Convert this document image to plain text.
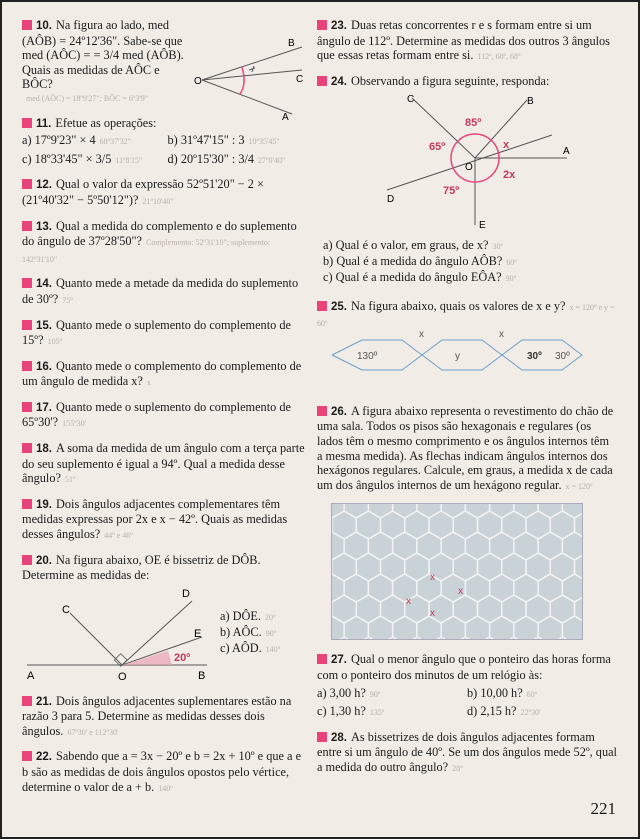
10. Na figura ao lado, med (AÔB) = 24º12'36". Sabe-se que med (AÔC) = = 3/4 med (AÔB). Quais as medidas de AÔC e BÔC?
med (AÔC) = 18º9'27"; BÔC = 6º3'9"
B
C
A
O
11. Efetue as operações:
a) 17º9'23" × 4 68º37'32"	b) 31º47'15" : 3 10º35'45"
c) 18º33'45" × 3/5 11º8'15"	d) 20º15'30" : 3/4 27º0'40"
12. Qual o valor da expressão 52º51'20" − 2 × (21º40'32" − 5º50'12")? 21º10'40"
13. Qual a medida do complemento e do suplemento do ângulo de 37º28'50"? Complemento: 52º31'10"; suplemento: 142º31'10"
14. Quanto mede a metade da medida do suplemento de 30º? 75º
15. Quanto mede o suplemento do complemento de 15º? 105º
16. Quanto mede o complemento do complemento de um ângulo de medida x? x
17. Quanto mede o suplemento do complemento de 65º30'? 155º30'
18. A soma da medida de um ângulo com a terça parte do seu suplemento é igual a 94º. Qual a medida desse ângulo? 51º
19. Dois ângulos adjacentes complementares têm medidas expressas por 2x e x − 42º. Quais as medidas desses ângulos? 44º e 46º
20. Na figura abaixo, OE é bissetriz de DÔB. Determine as medidas de:
C
D
E
A	O	B
20º
a) DÔE. 20º
b) AÔC. 90º
c) AÔD. 140º
21. Dois ângulos adjacentes suplementares estão na razão 3 para 5. Determine as medidas desses dois ângulos. 67º30' e 112º30'
22. Sabendo que a = 3x − 20º e b = 2x + 10º e que a e b são as medidas de dois ângulos opostos pelo vértice, determine o valor de a + b. 140º
23. Duas retas concorrentes r e s formam entre si um ângulo de 112º. Determine as medidas dos outros 3 ângulos que essas retas formam entre si. 112º, 68º, 68º
24. Observando a figura seguinte, responda:
C	B
A
D
E
O
85º
65º	x
2x
75º
a) Qual é o valor, em graus, de x? 30º
b) Qual é a medida do ângulo AÔB? 60º
c) Qual é a medida do ângulo EÔA? 90º
25. Na figura abaixo, quais os valores de x e y? x = 120º e y = 60º
130º
x
y
x
30º 30º
26. A figura abaixo representa o revestimento do chão de uma sala. Todos os pisos são hexagonais e regulares (os lados têm o mesmo comprimento e os ângulos internos têm a mesma medida). As flechas indicam ângulos internos dos hexágonos regulares. Calcule, em graus, a medida x de cada um dos ângulos internos de um hexágono regular. x = 120º
x
x
x
x
27. Qual o menor ângulo que o ponteiro das horas forma com o ponteiro dos minutos de um relógio às:
a) 3,00 h? 90º	b) 10,00 h? 60º
c) 1,30 h? 135º	d) 2,15 h? 22º30'
28. As bissetrizes de dois ângulos adjacentes formam entre si um ângulo de 40º. Se um dos ângulos mede 52º, qual a medida do outro ângulo? 28º
221
